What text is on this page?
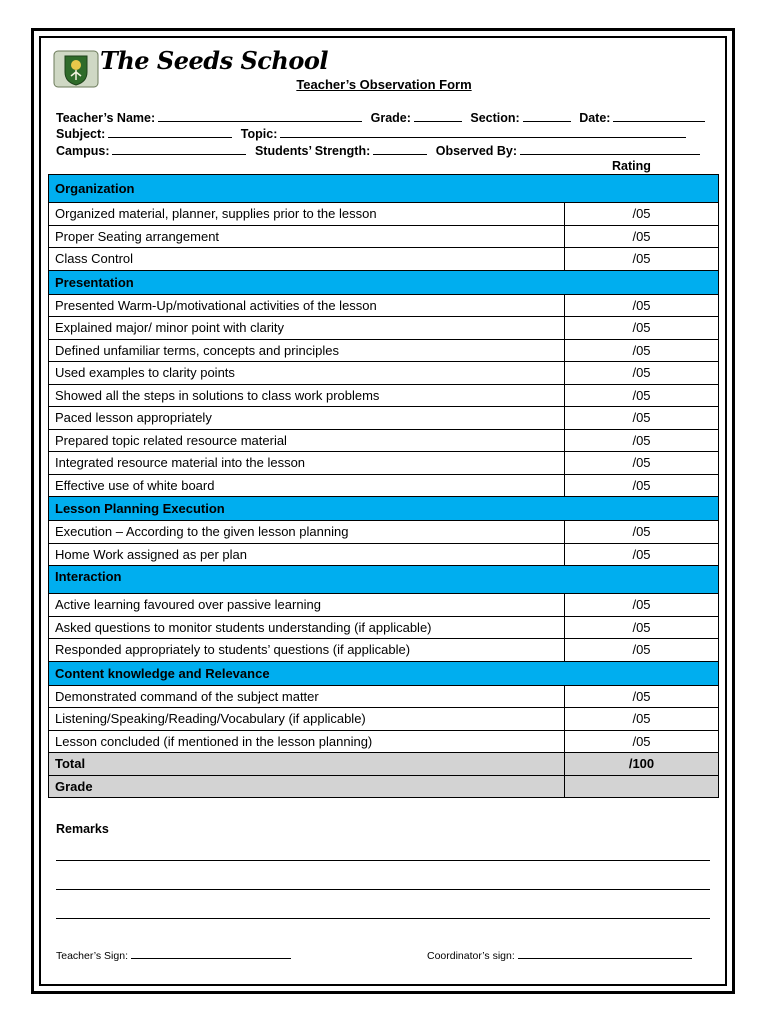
The Seeds School
Teacher’s Observation Form
Teacher’s Name:	Grade:	Section:	Date:
Subject:	Topic:
Campus:	Students’ Strength:	Observed By:
Rating
Organization	
Organized material, planner, supplies prior to the lesson	/05
Proper Seating arrangement	/05
Class Control	/05
Presentation	
Presented Warm-Up/motivational activities of the lesson	/05
Explained major/ minor point with clarity	/05
Defined unfamiliar terms, concepts and principles	/05
Used examples to clarity points	/05
Showed all the steps in solutions to class work problems	/05
Paced lesson appropriately	/05
Prepared topic related resource material	/05
Integrated resource material into the lesson	/05
Effective use of white board	/05
Lesson Planning Execution	
Execution – According to the given lesson planning	/05
Home Work assigned as per plan	/05
Interaction	
Active learning favoured over passive learning	/05
Asked questions to monitor students understanding (if applicable)	/05
Responded appropriately to students’ questions (if applicable)	/05
Content knowledge and Relevance	
Demonstrated command of the subject matter	/05
Listening/Speaking/Reading/Vocabulary (if applicable)	/05
Lesson concluded (if mentioned in the lesson planning)	/05
Total	/100
Grade	
Remarks
Teacher’s Sign:	Coordinator’s sign:
